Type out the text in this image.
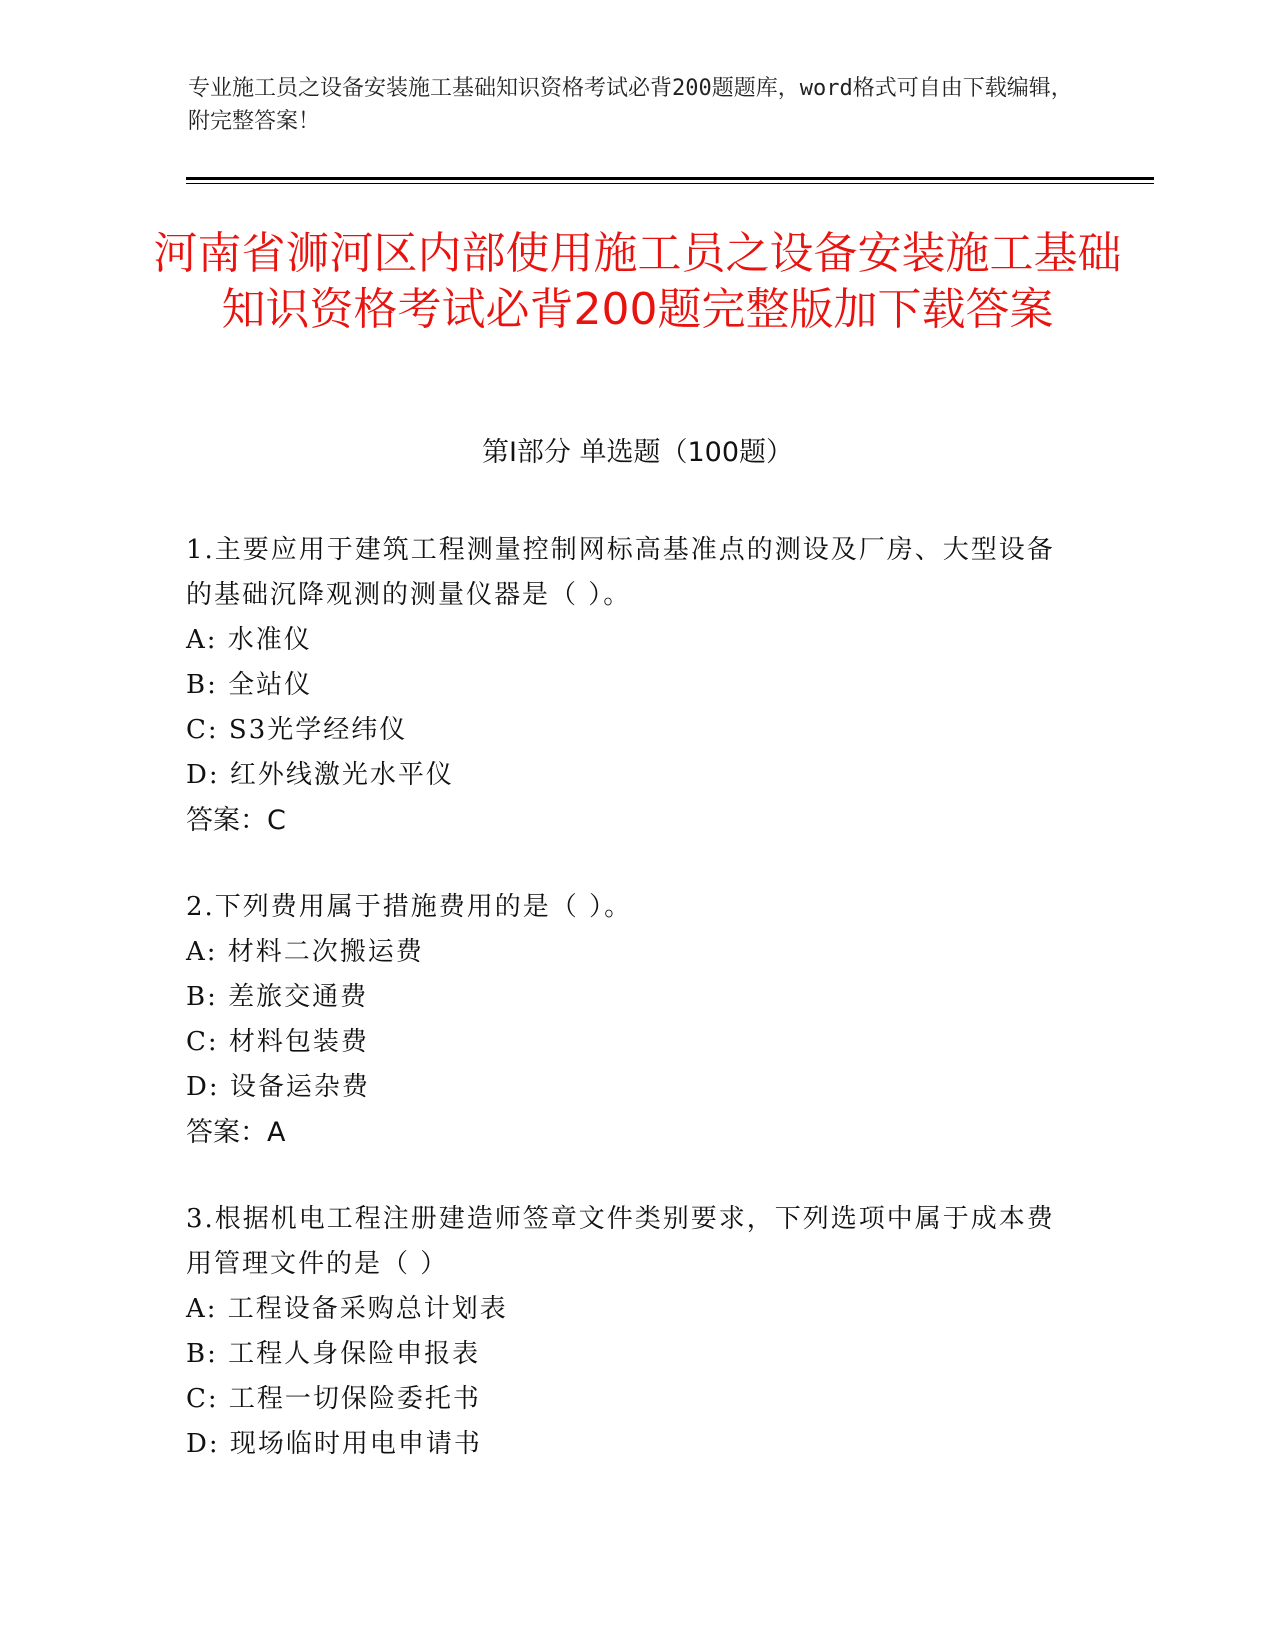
专业施工员之设备安装施工基础知识资格考试必背200题题库，word格式可自由下载编辑，附完整答案！
河南省浉河区内部使用施工员之设备安装施工基础知识资格考试必背200题完整版加下载答案
第I部分 单选题（100题）

1.主要应用于建筑工程测量控制网标高基准点的测设及厂房、大型设备的基础沉降观测的测量仪器是（ ）。

A: 水准仪

B: 全站仪

C: S3光学经纬仪

D: 红外线激光水平仪

答案：C

2.下列费用属于措施费用的是（ ）。

A: 材料二次搬运费

B: 差旅交通费

C: 材料包装费

D: 设备运杂费

答案：A

3.根据机电工程注册建造师签章文件类别要求，下列选项中属于成本费用管理文件的是（ ）

A: 工程设备采购总计划表

B: 工程人身保险申报表

C: 工程一切保险委托书

D: 现场临时用电申请书
